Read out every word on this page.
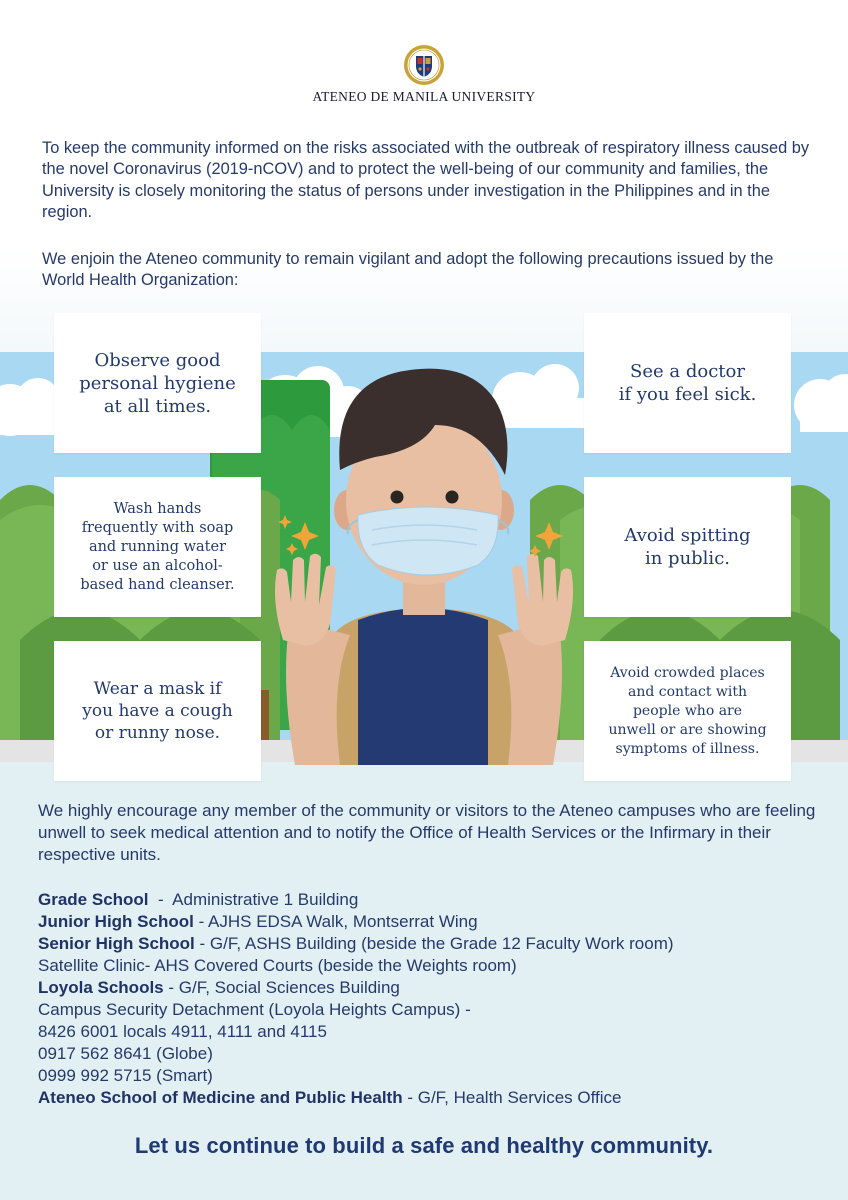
ATENEO DE MANILA UNIVERSITY

To keep the community informed on the risks associated with the outbreak of respiratory illness caused by the novel Coronavirus (2019-nCOV) and to protect the well-being of our community and families, the University is closely monitoring the status of persons under investigation in the Philippines and in the region.

We enjoin the Ateneo community to remain vigilant and adopt the following precautions issued by the World Health Organization:

Observe good
personal hygiene
at all times.
Wash hands
frequently with soap
and running water
or use an alcohol-
based hand cleanser.
Wear a mask if
you have a cough
or runny nose.
See a doctor
if you feel sick.
Avoid spitting
in public.
Avoid crowded places
and contact with
people who are
unwell or are showing
symptoms of illness.

We highly encourage any member of the community or visitors to the Ateneo campuses who are feeling unwell to seek medical attention and to notify the Office of Health Services or the Infirmary in their respective units.

Grade School  -  Administrative 1 Building
Junior High School - AJHS EDSA Walk, Montserrat Wing
Senior High School - G/F, ASHS Building (beside the Grade 12 Faculty Work room)
Satellite Clinic- AHS Covered Courts (beside the Weights room)
Loyola Schools - G/F, Social Sciences Building
Campus Security Detachment (Loyola Heights Campus) -
8426 6001 locals 4911, 4111 and 4115
0917 562 8641 (Globe)
0999 992 5715 (Smart)
Ateneo School of Medicine and Public Health - G/F, Health Services Office
Let us continue to build a safe and healthy community.
